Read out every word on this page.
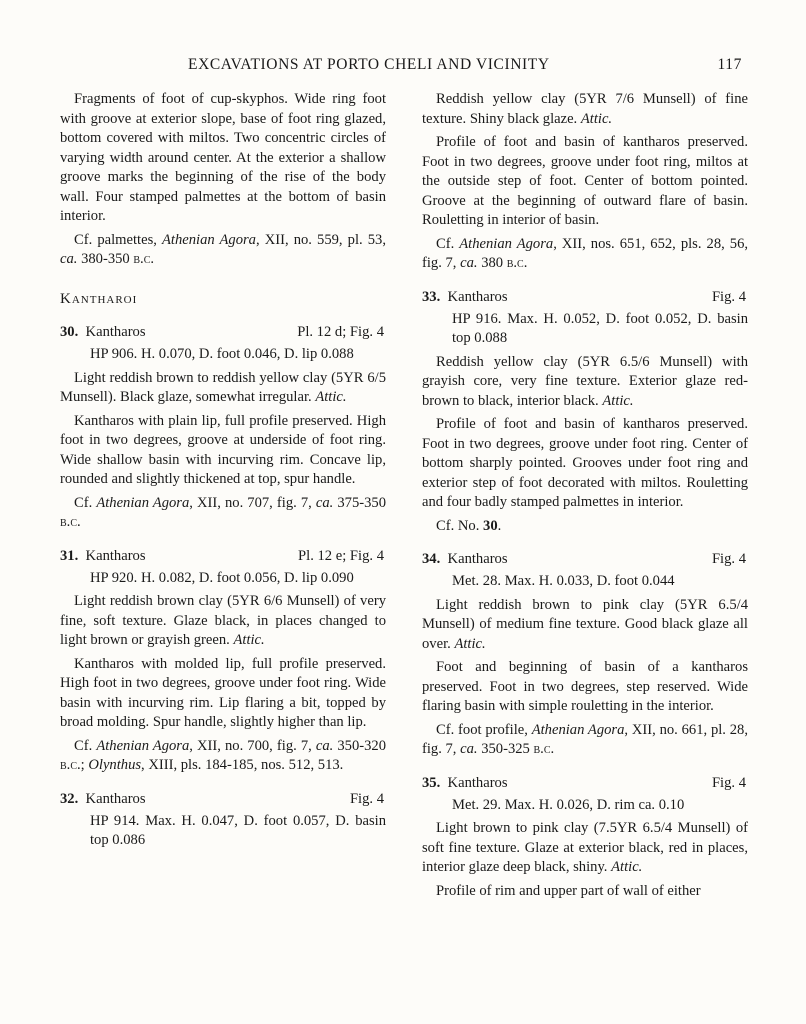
EXCAVATIONS AT PORTO CHELI AND VICINITY	117

Fragments of foot of cup-skyphos. Wide ring foot with groove at exterior slope, base of foot ring glazed, bottom covered with miltos. Two concentric circles of varying width around center. At the exterior a shallow groove marks the beginning of the rise of the body wall. Four stamped palmettes at the bottom of basin interior.

Cf. palmettes, Athenian Agora, XII, no. 559, pl. 53, ca. 380-350 b.c.

Kantharoi
30. Kantharos	Pl. 12 d; Fig. 4

HP 906. H. 0.070, D. foot 0.046, D. lip 0.088

Light reddish brown to reddish yellow clay (5YR 6/5 Munsell). Black glaze, somewhat irregular. Attic.

Kantharos with plain lip, full profile preserved. High foot in two degrees, groove at underside of foot ring. Wide shallow basin with incurving rim. Concave lip, rounded and slightly thickened at top, spur handle.

Cf. Athenian Agora, XII, no. 707, fig. 7, ca. 375-350 b.c.

31. Kantharos	Pl. 12 e; Fig. 4

HP 920. H. 0.082, D. foot 0.056, D. lip 0.090

Light reddish brown clay (5YR 6/6 Munsell) of very fine, soft texture. Glaze black, in places changed to light brown or grayish green. Attic.

Kantharos with molded lip, full profile preserved. High foot in two degrees, groove under foot ring. Wide basin with incurving rim. Lip flaring a bit, topped by broad molding. Spur handle, slightly higher than lip.

Cf. Athenian Agora, XII, no. 700, fig. 7, ca. 350-320 b.c.; Olynthus, XIII, pls. 184-185, nos. 512, 513.

32. Kantharos	Fig. 4

HP 914. Max. H. 0.047, D. foot 0.057, D. basin top 0.086

Reddish yellow clay (5YR 7/6 Munsell) of fine texture. Shiny black glaze. Attic.

Profile of foot and basin of kantharos preserved. Foot in two degrees, groove under foot ring, miltos at the outside step of foot. Center of bottom pointed. Groove at the beginning of outward flare of basin. Rouletting in interior of basin.

Cf. Athenian Agora, XII, nos. 651, 652, pls. 28, 56, fig. 7, ca. 380 b.c.

33. Kantharos	Fig. 4

HP 916. Max. H. 0.052, D. foot 0.052, D. basin top 0.088

Reddish yellow clay (5YR 6.5/6 Munsell) with grayish core, very fine texture. Exterior glaze red-brown to black, interior black. Attic.

Profile of foot and basin of kantharos preserved. Foot in two degrees, groove under foot ring. Center of bottom sharply pointed. Grooves under foot ring and exterior step of foot decorated with miltos. Rouletting and four badly stamped palmettes in interior.

Cf. No. 30.

34. Kantharos	Fig. 4

Met. 28. Max. H. 0.033, D. foot 0.044

Light reddish brown to pink clay (5YR 6.5/4 Munsell) of medium fine texture. Good black glaze all over. Attic.

Foot and beginning of basin of a kantharos preserved. Foot in two degrees, step reserved. Wide flaring basin with simple rouletting in the interior.

Cf. foot profile, Athenian Agora, XII, no. 661, pl. 28, fig. 7, ca. 350-325 b.c.

35. Kantharos	Fig. 4

Met. 29. Max. H. 0.026, D. rim ca. 0.10

Light brown to pink clay (7.5YR 6.5/4 Munsell) of soft fine texture. Glaze at exterior black, red in places, interior glaze deep black, shiny. Attic.

Profile of rim and upper part of wall of either
